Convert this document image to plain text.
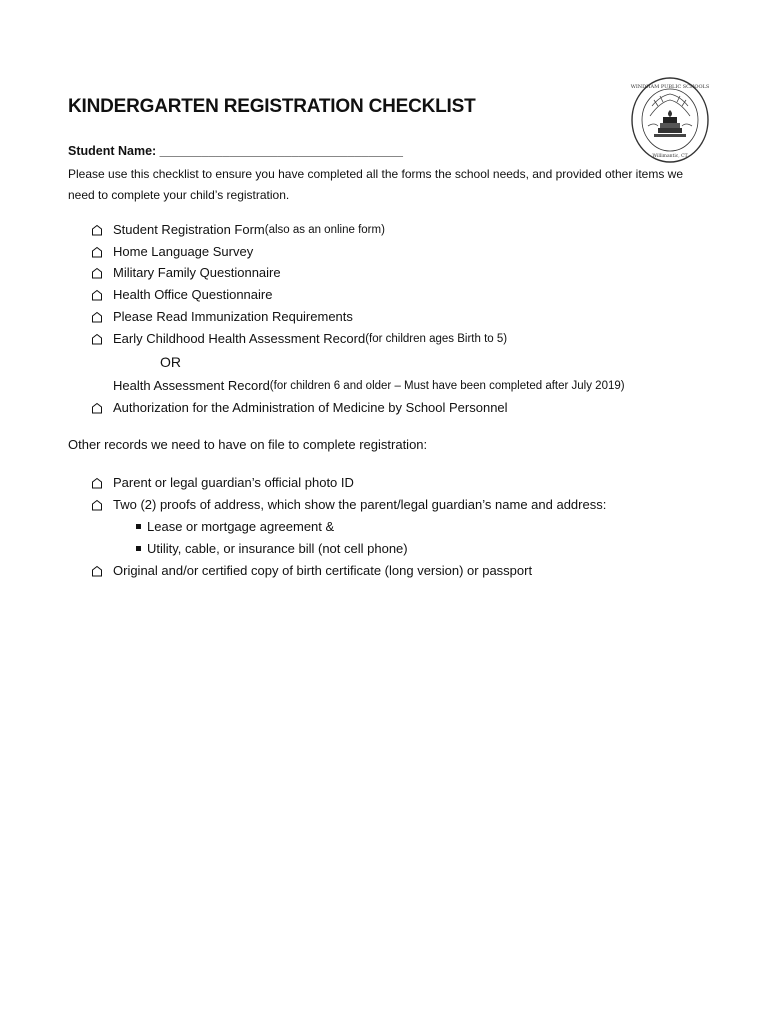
WINDHAM PUBLIC SCHOOLS
Willimantic, CT
KINDERGARTEN REGISTRATION CHECKLIST
Student Name: ___________________________________
Please use this checklist to ensure you have completed all the forms the school needs, and provided other items we need to complete your child’s registration.
Student Registration Form (also as an online form)
Home Language Survey
Military Family Questionnaire
Health Office Questionnaire
Please Read Immunization Requirements
Early Childhood Health Assessment Record (for children ages Birth to 5)
OR
Health Assessment Record (for children 6 and older – Must have been completed after July 2019)
Authorization for the Administration of Medicine by School Personnel
Other records we need to have on file to complete registration:
Parent or legal guardian’s official photo ID
Two (2) proofs of address, which show the parent/legal guardian’s name and address:
Lease or mortgage agreement &
Utility, cable, or insurance bill (not cell phone)
Original and/or certified copy of birth certificate (long version) or passport
